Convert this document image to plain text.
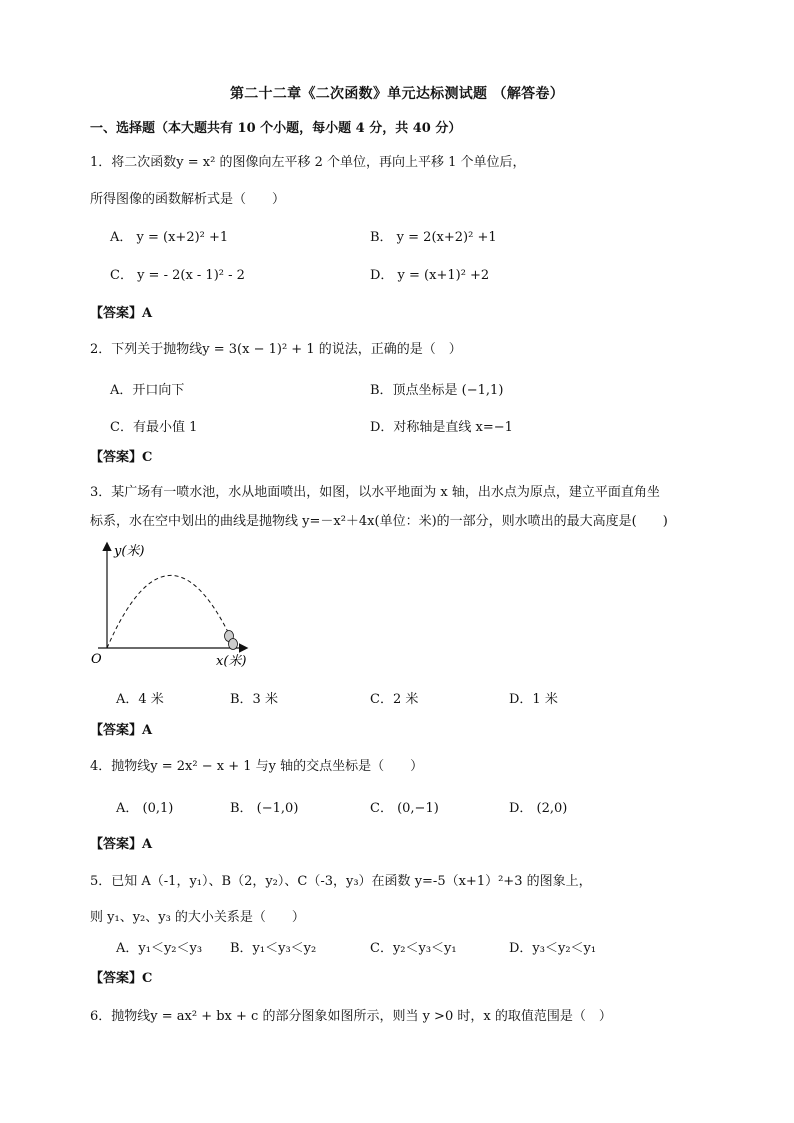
第二十二章《二次函数》单元达标测试题 （解答卷）
一、选择题（本大题共有 10 个小题，每小题 4 分，共 40 分）
1．将二次函数y = x² 的图像向左平移 2 个单位，再向上平移 1 个单位后，
所得图像的函数解析式是（　　）
A． y = (x+2)² +1	B． y = 2(x+2)² +1
C． y = - 2(x - 1)² - 2	D． y = (x+1)² +2
【答案】A
2．下列关于抛物线y = 3(x − 1)² + 1 的说法，正确的是（　）
A．开口向下	B．顶点坐标是 (−1,1)
C．有最小值 1	D．对称轴是直线 x=−1
【答案】C
3．某广场有一喷水池，水从地面喷出，如图，以水平地面为 x 轴，出水点为原点，建立平面直角坐
标系，水在空中划出的曲线是抛物线 y=－x²＋4x(单位：米)的一部分，则水喷出的最大高度是(　　)
y(米)
x(米)
O
A．4 米	B．3 米	C．2 米	D．1 米
【答案】A
4．抛物线y = 2x² − x + 1 与y 轴的交点坐标是（　　）
A． (0,1)	B． (−1,0)	C． (0,−1)	D． (2,0)
【答案】A
5．已知 A（-1，y₁）、B（2，y₂）、C（-3，y₃）在函数 y=-5（x+1）²+3 的图象上，
则 y₁、y₂、y₃ 的大小关系是（　　）
A．y₁＜y₂＜y₃ B．y₁＜y₃＜y₂	C．y₂＜y₃＜y₁	D．y₃＜y₂＜y₁
【答案】C
6．抛物线y = ax² + bx + c 的部分图象如图所示，则当 y >0 时，x 的取值范围是（　）
